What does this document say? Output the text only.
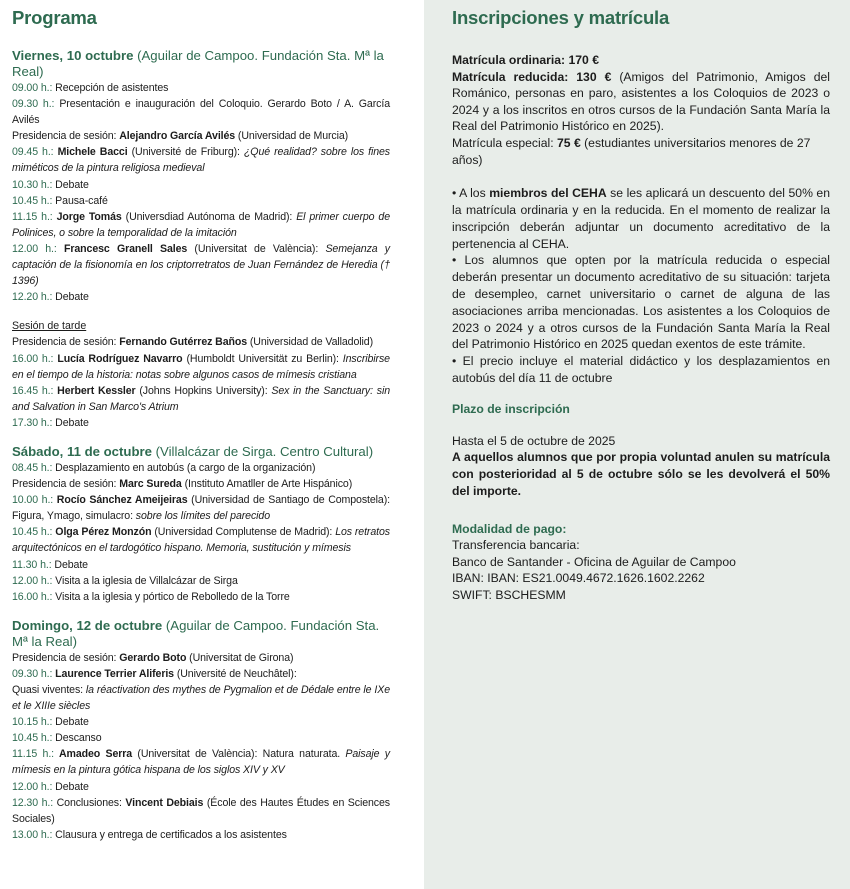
Programa
Viernes, 10 octubre (Aguilar de Campoo. Fundación Sta. Mª la Real)
09.00 h.: Recepción de asistentes
09.30 h.: Presentación e inauguración del Coloquio. Gerardo Boto / A. García Avilés
Presidencia de sesión: Alejandro García Avilés (Universidad de Murcia)
09.45 h.: Michele Bacci (Université de Friburg): ¿Qué realidad? sobre los fines miméticos de la pintura religiosa medieval
10.30 h.: Debate
10.45 h.: Pausa-café
11.15 h.: Jorge Tomás (Universdiad Autónoma de Madrid): El primer cuerpo de Polinices, o sobre la temporalidad de la imitación
12.00 h.: Francesc Granell Sales (Universitat de València): Semejanza y captación de la fisionomía en los criptorretratos de Juan Fernández de Heredia († 1396)
12.20 h.: Debate
Sesión de tarde
Presidencia de sesión: Fernando Gutérrez Baños (Universidad de Valladolid)
16.00 h.: Lucía Rodríguez Navarro (Humboldt Universität zu Berlin): Inscribirse en el tiempo de la historia: notas sobre algunos casos de mímesis cristiana
16.45 h.: Herbert Kessler (Johns Hopkins University): Sex in the Sanctuary: sin and Salvation in San Marco's Atrium
17.30 h.: Debate
Sábado, 11 de octubre (Villalcázar de Sirga. Centro Cultural)
08.45 h.: Desplazamiento en autobús (a cargo de la organización)
Presidencia de sesión: Marc Sureda (Instituto Amatller de Arte Hispánico)
10.00 h.: Rocío Sánchez Ameijeiras (Universidad de Santiago de Compostela): Figura, Ymago, simulacro: sobre los límites del parecido
10.45 h.: Olga Pérez Monzón (Universidad Complutense de Madrid): Los retratos arquitectónicos en el tardogótico hispano. Memoria, sustitución y mímesis
11.30 h.: Debate
12.00 h.: Visita a la iglesia de Villalcázar de Sirga
16.00 h.: Visita a la iglesia y pórtico de Rebolledo de la Torre
Domingo, 12 de octubre (Aguilar de Campoo. Fundación Sta. Mª la Real)
Presidencia de sesión: Gerardo Boto (Universitat de Girona)
09.30 h.: Laurence Terrier Aliferis (Université de Neuchâtel):
Quasi viventes: la réactivation des mythes de Pygmalion et de Dédale entre le IXe et le XIIIe siècles
10.15 h.: Debate
10.45 h.: Descanso
11.15 h.: Amadeo Serra (Universitat de València): Natura naturata. Paisaje y mímesis en la pintura gótica hispana de los siglos XIV y XV
12.00 h.: Debate
12.30 h.: Conclusiones: Vincent Debiais (École des Hautes Études en Sciences Sociales)
13.00 h.: Clausura y entrega de certificados a los asistentes
Inscripciones y matrícula
Matrícula ordinaria: 170 €
Matrícula reducida: 130 € (Amigos del Patrimonio, Amigos del Románico, personas en paro, asistentes a los Coloquios de 2023 o 2024 y a los inscritos en otros cursos de la Fundación Santa María la Real del Patrimonio Histórico en 2025).
Matrícula especial: 75 € (estudiantes universitarios menores de 27 años)
• A los miembros del CEHA se les aplicará un descuento del 50% en la matrícula ordinaria y en la reducida. En el momento de realizar la inscripción deberán adjuntar un documento acreditativo de la pertenencia al CEHA.
• Los alumnos que opten por la matrícula reducida o especial deberán presentar un documento acreditativo de su situación: tarjeta de desempleo, carnet universitario o carnet de alguna de las asociaciones arriba mencionadas. Los asistentes a los Coloquios de 2023 o 2024 y a otros cursos de la Fundación Santa María la Real del Patrimonio Histórico en 2025 quedan exentos de este trámite.
• El precio incluye el material didáctico y los desplazamientos en autobús del día 11 de octubre
Plazo de inscripción
Hasta el 5 de octubre de 2025
A aquellos alumnos que por propia voluntad anulen su matrícula con posterioridad al 5 de octubre sólo se les devolverá el 50% del importe.
Modalidad de pago:
Transferencia bancaria:
Banco de Santander - Oficina de Aguilar de Campoo
IBAN: IBAN: ES21.0049.4672.1626.1602.2262
SWIFT: BSCHESMM
